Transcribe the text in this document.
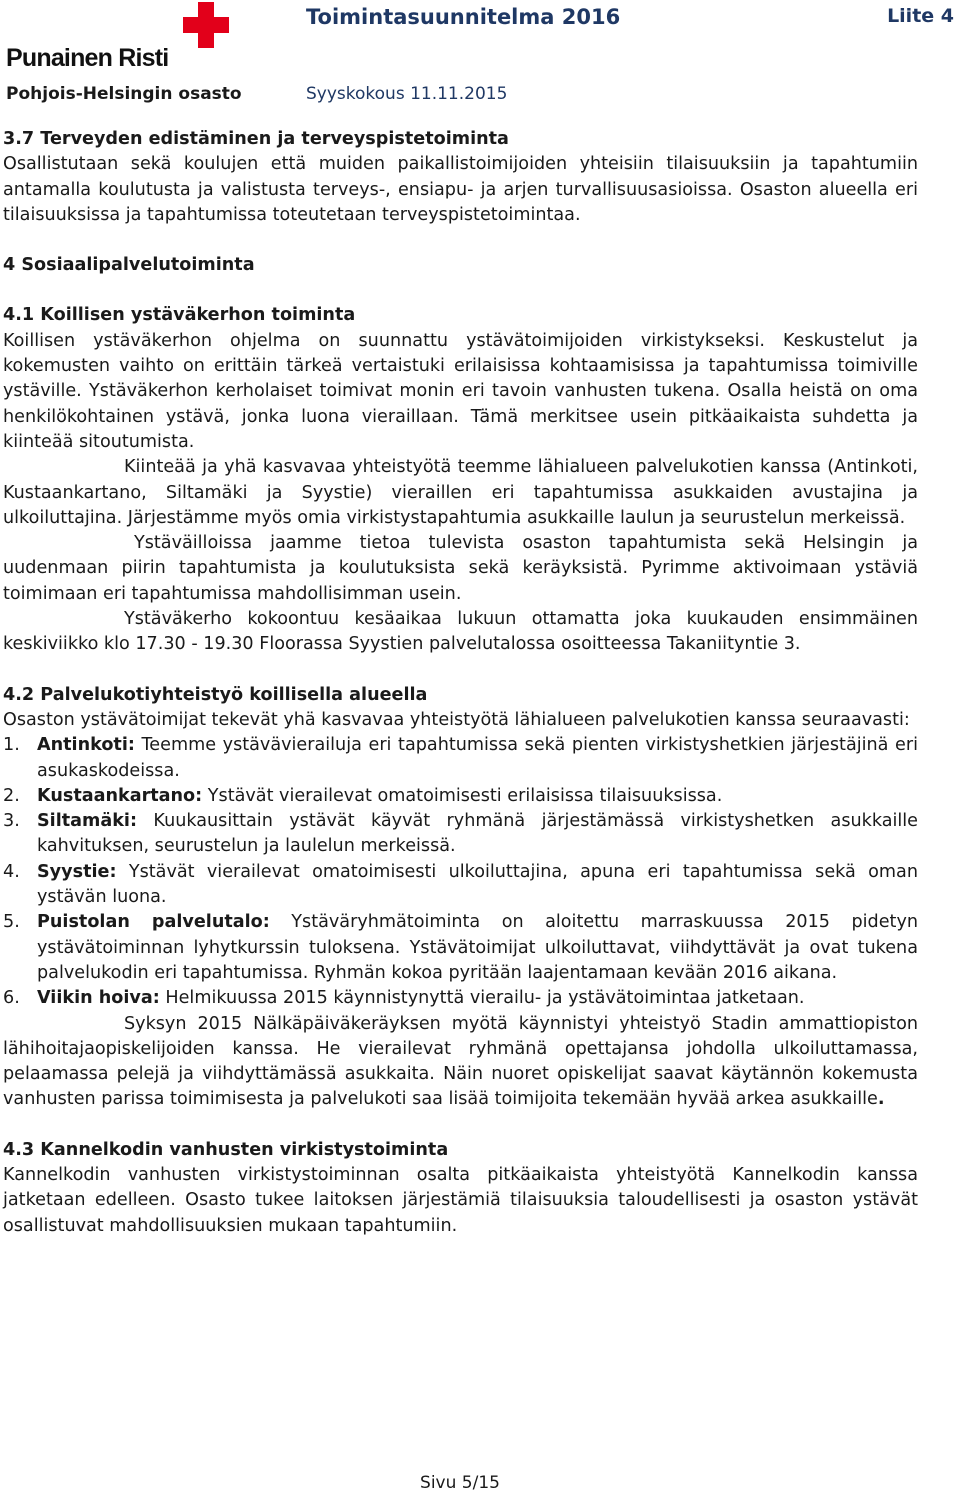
Punainen Risti
Pohjois-Helsingin osasto
Toimintasuunnitelma 2016
Syyskokous 11.11.2015
Liite 4
3.7 Terveyden edistäminen ja terveyspistetoiminta

Osallistutaan sekä koulujen että muiden paikallistoimijoiden yhteisiin tilaisuuksiin ja tapahtumiin antamalla koulutusta ja valistusta terveys-, ensiapu- ja arjen turvallisuusasioissa. Osaston alueella eri tilaisuuksissa ja tapahtumissa toteutetaan terveyspistetoimintaa.

4 Sosiaalipalvelutoiminta
4.1 Koillisen ystäväkerhon toiminta

Koillisen ystäväkerhon ohjelma on suunnattu ystävätoimijoiden virkistykseksi. Keskustelut ja kokemusten vaihto on erittäin tärkeä vertaistuki erilaisissa kohtaamisissa ja tapahtumissa toimiville ystäville. Ystäväkerhon kerholaiset toimivat monin eri tavoin vanhusten tukena. Osalla heistä on oma henkilökohtainen ystävä, jonka luona vieraillaan. Tämä merkitsee usein pitkäaikaista suhdetta ja kiinteää sitoutumista.

Kiinteää ja yhä kasvavaa yhteistyötä teemme lähialueen palvelukotien kanssa (Antinkoti, Kustaankartano, Siltamäki ja Syystie) vieraillen eri tapahtumissa asukkaiden avustajina ja ulkoiluttajina. Järjestämme myös omia virkistystapahtumia asukkaille laulun ja seurustelun merkeissä.

Ystäväilloissa jaamme tietoa tulevista osaston tapahtumista sekä Helsingin ja uudenmaan piirin tapahtumista ja koulutuksista sekä keräyksistä. Pyrimme aktivoimaan ystäviä toimimaan eri tapahtumissa mahdollisimman usein.

Ystäväkerho kokoontuu kesäaikaa lukuun ottamatta joka kuukauden ensimmäinen keskiviikko klo 17.30 - 19.30 Floorassa Syystien palvelutalossa osoitteessa Takaniityntie 3.

4.2 Palvelukotiyhteistyö koillisella alueella

Osaston ystävätoimijat tekevät yhä kasvavaa yhteistyötä lähialueen palvelukotien kanssa seuraavasti:

1. Antinkoti: Teemme ystävävierailuja eri tapahtumissa sekä pienten virkistyshetkien järjestäjinä eri asukaskodeissa.
2. Kustaankartano: Ystävät vierailevat omatoimisesti erilaisissa tilaisuuksissa.
3. Siltamäki: Kuukausittain ystävät käyvät ryhmänä järjestämässä virkistyshetken asukkaille kahvituksen, seurustelun ja laulelun merkeissä.
4. Syystie: Ystävät vierailevat omatoimisesti ulkoiluttajina, apuna eri tapahtumissa sekä oman ystävän luona.
5. Puistolan palvelutalo: Ystäväryhmätoiminta on aloitettu marraskuussa 2015 pidetyn ystävätoiminnan lyhytkurssin tuloksena. Ystävätoimijat ulkoiluttavat, viihdyttävät ja ovat tukena palvelukodin eri tapahtumissa. Ryhmän kokoa pyritään laajentamaan kevään 2016 aikana.
6. Viikin hoiva: Helmikuussa 2015 käynnistynyttä vierailu- ja ystävätoimintaa jatketaan.

Syksyn 2015 Nälkäpäiväkeräyksen myötä käynnistyi yhteistyö Stadin ammattiopiston lähihoitajaopiskelijoiden kanssa. He vierailevat ryhmänä opettajansa johdolla ulkoiluttamassa, pelaamassa pelejä ja viihdyttämässä asukkaita. Näin nuoret opiskelijat saavat käytännön kokemusta vanhusten parissa toimimisesta ja palvelukoti saa lisää toimijoita tekemään hyvää arkea asukkaille.

4.3 Kannelkodin vanhusten virkistystoiminta

Kannelkodin vanhusten virkistystoiminnan osalta pitkäaikaista yhteistyötä Kannelkodin kanssa jatketaan edelleen. Osasto tukee laitoksen järjestämiä tilaisuuksia taloudellisesti ja osaston ystävät osallistuvat mahdollisuuksien mukaan tapahtumiin.

Sivu 5/15
